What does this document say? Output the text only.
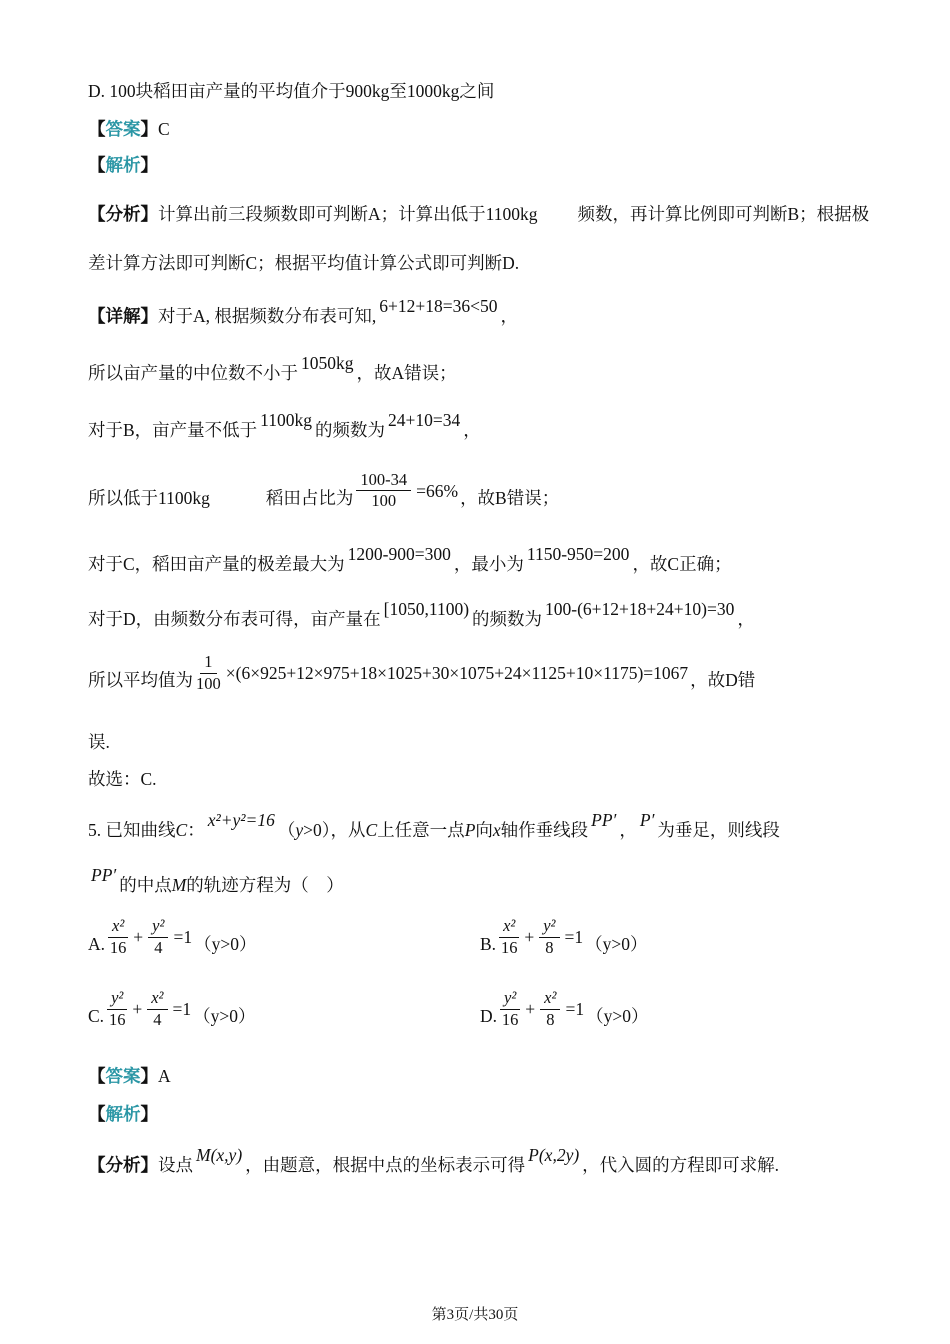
D. 100块稻田亩产量的平均值介于900kg至1000kg之间
【答案】C
【解析】
【分析】计算出前三段频数即可判断A；计算出低于1100kg 频数，再计算比例即可判断B；根据极
差计算方法即可判断C；根据平均值计算公式即可判断D.
【详解】对于A, 根据频数分布表可知, 6+12+18=36<50 ，
所以亩产量的中位数不小于 1050kg ，故A错误；
对于B，亩产量不低于 1100kg 的频数为 24+10=34 ，
所以低于1100kg	稻田占比为 $\frac{100-34}{100} =66\%$ ，故B错误；
对于C，稻田亩产量的极差最大为 1200-900=300 ，最小为 1150-950=200 ，故C正确；
对于D，由频数分布表可得，亩产量在 [1050,1100) 的频数为 100-(6+12+18+24+10)=30 ，
所以平均值为 $\frac{1}{100} \times(6\times 925+12\times 975+18\times 1025+30\times 1075+24\times 1125+10\times 1175)=1067$ ，故D错
误.
故选：C.
5. 已知曲线C： x²+y²=16 （y>0），从C上任意一点P向x轴作垂线段 PP′ ， P′ 为垂足，则线段
PP′ 的中点M的轨迹方程为（　）
A. $\frac{\text{x²}}{16} + \frac{\text{y²}}{4} =1$ （y>0）	B. $\frac{\text{x²}}{16} + \frac{\text{y²}}{8} =1$ （y>0）
C. $\frac{\text{y²}}{16} + \frac{\text{x²}}{4} =1$ （y>0）	D. $\frac{\text{y²}}{16} + \frac{\text{x²}}{8} =1$ （y>0）
【答案】A
【解析】
【分析】设点 M(x,y) ，由题意，根据中点的坐标表示可得 P(x,2y) ，代入圆的方程即可求解.
第3页/共30页
